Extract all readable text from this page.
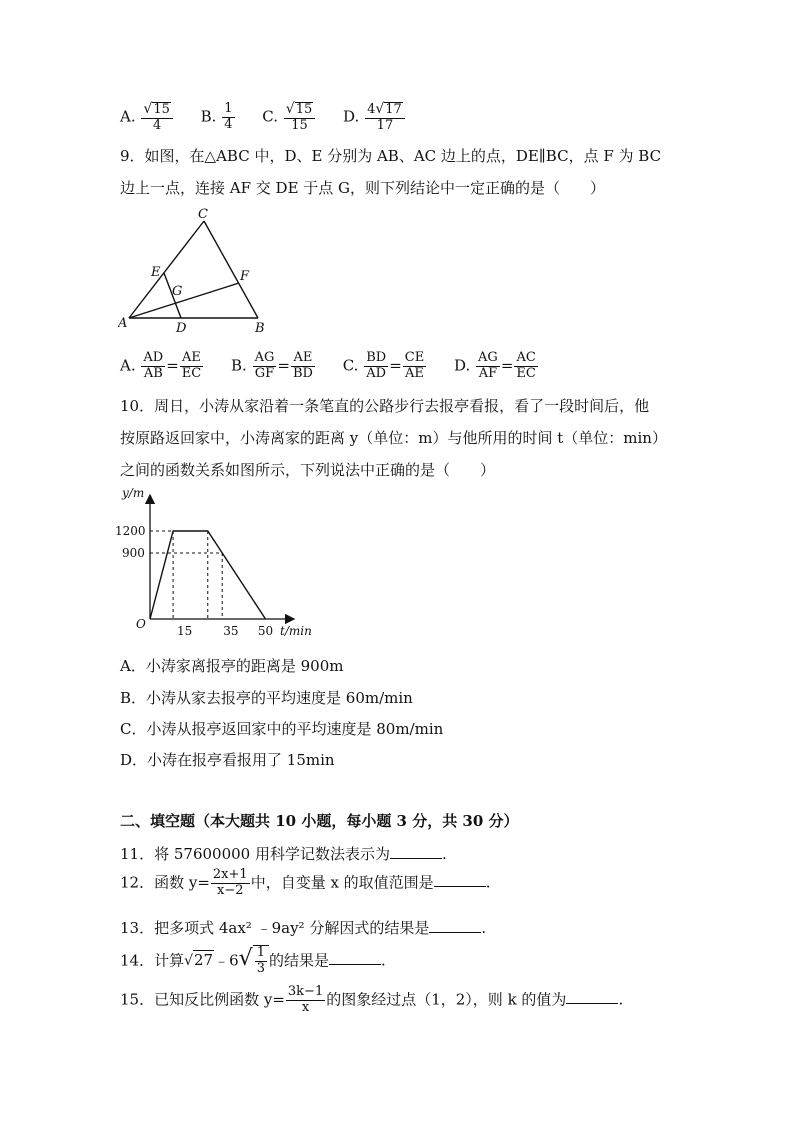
A. $\frac{√15}{4} B$. $\frac{1}{4} C$. $\frac{√15}{15} D$. $\frac{4√17}{17}$
9．如图，在△ABC 中，D、E 分别为 AB、AC 边上的点，DE∥BC，点 F 为 BC
边上一点，连接 AF 交 DE 于点 G，则下列结论中一定正确的是（　　）
C
E	F
G
A	D	B
A. $\frac{AD}{AB} = \frac{AE}{EC} B$. $\frac{AG}{GF} = \frac{AE}{BD} C$. $\frac{BD}{AD} = \frac{CE}{AE} D$. $\frac{AG}{AF} = \frac{AC}{EC}$
10．周日，小涛从家沿着一条笔直的公路步行去报亭看报，看了一段时间后，他
按原路返回家中，小涛离家的距离 y（单位：m）与他所用的时间 t（单位：min）
之间的函数关系如图所示，下列说法中正确的是（　　）
y/m
t/min
O
1200
900
15	35 50
A．小涛家离报亭的距离是 900m
B．小涛从家去报亭的平均速度是 60m/min
C．小涛从报亭返回家中的平均速度是 80m/min
D．小涛在报亭看报用了 15min
二、填空题（本大题共 10 小题，每小题 3 分，共 30 分）
11．将 57600000 用科学记数法表示为	.
12．函数 $y= \frac{2x+1}{x-2}$ 中，自变量 x 的取值范围是	.
13．把多项式 4ax² ﹣9ay² 分解因式的结果是	.
14．计算√27﹣6√ $\frac{1}{3}$ 的结果是	.
15．已知反比例函数 $y= \frac{3k-1}{x}$ 的图象经过点（1，2），则 k 的值为	.
